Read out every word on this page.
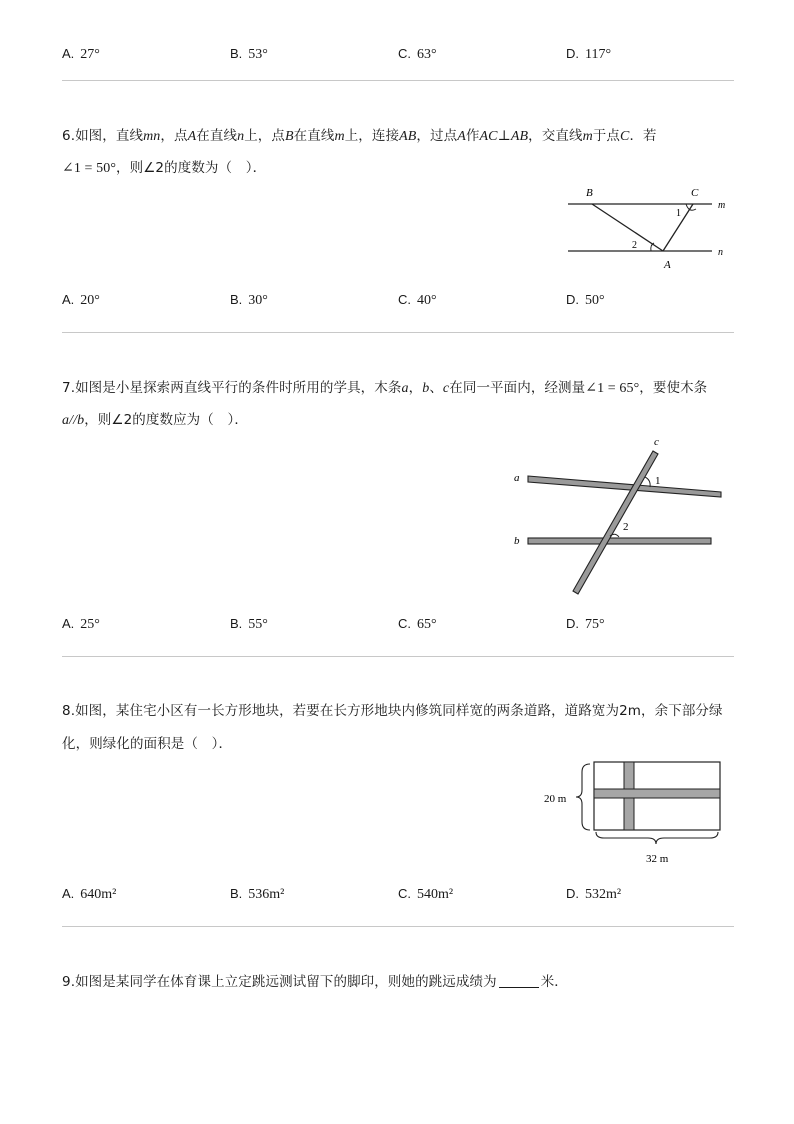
A. 27°	B. 53°	C. 63°	D. 117°
6.如图，直线mn，点A在直线n上，点B在直线m上，连接AB，过点A作AC⊥AB，交直线m于点C．若
∠1 = 50°，则∠2的度数为（　）．
B	C
A
m
n
1
2
A. 20°	B. 30°	C. 40°	D. 50°
7.如图是小星探索两直线平行的条件时所用的学具，木条a，b、c在同一平面内，经测量∠1 = 65°，要使木条
a//b，则∠2的度数应为（　）．
c
a
b
1
2
A. 25°	B. 55°	C. 65°	D. 75°
8.如图，某住宅小区有一长方形地块，若要在长方形地块内修筑同样宽的两条道路，道路宽为2m，余下部分绿
化，则绿化的面积是（　）．
20 m
32 m
A. 640m²	B. 536m²	C. 540m²	D. 532m²
9.如图是某同学在体育课上立定跳远测试留下的脚印，则她的跳远成绩为	米．
